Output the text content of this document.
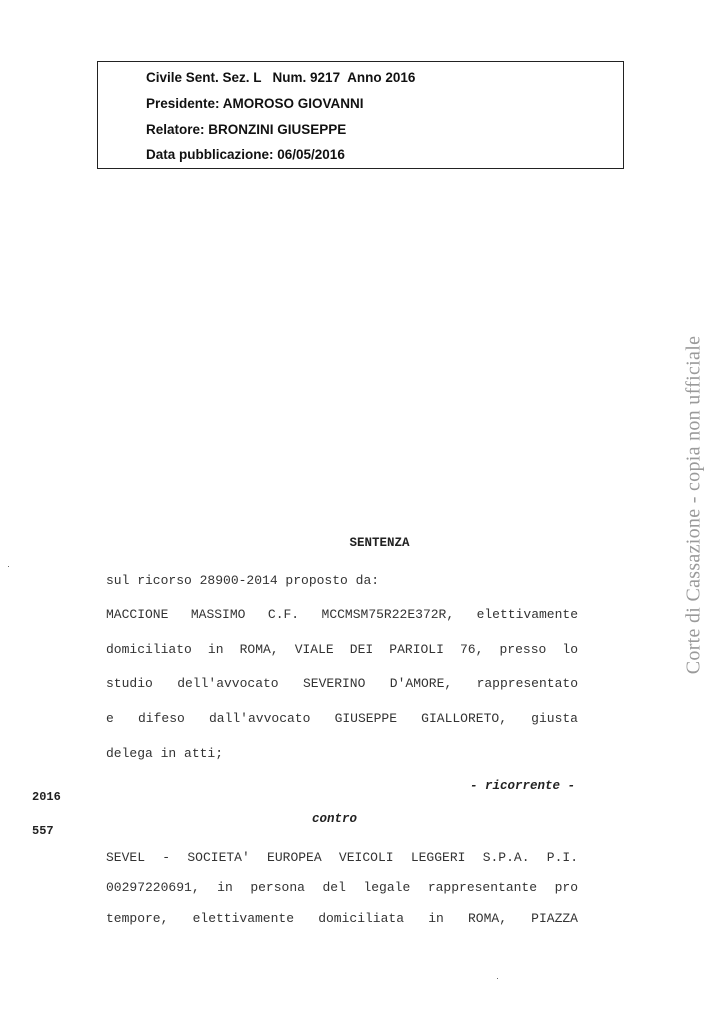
Civile Sent. Sez. L   Num. 9217  Anno 2016
Presidente: AMOROSO GIOVANNI
Relatore: BRONZINI GIUSEPPE
Data pubblicazione: 06/05/2016
Corte di Cassazione - copia non ufficiale
SENTENZA
sul ricorso 28900-2014 proposto da:
MACCIONE MASSIMO C.F. MCCMSM75R22E372R, elettivamente
domiciliato in ROMA, VIALE DEI PARIOLI 76, presso lo
studio dell'avvocato SEVERINO D'AMORE, rappresentato
e difeso dall'avvocato GIUSEPPE GIALLORETO, giusta
delega in atti;
- ricorrente -
contro
SEVEL - SOCIETA' EUROPEA VEICOLI LEGGERI S.P.A. P.I.
00297220691, in persona del legale rappresentante pro
tempore, elettivamente domiciliata in ROMA, PIAZZA
2016
557
